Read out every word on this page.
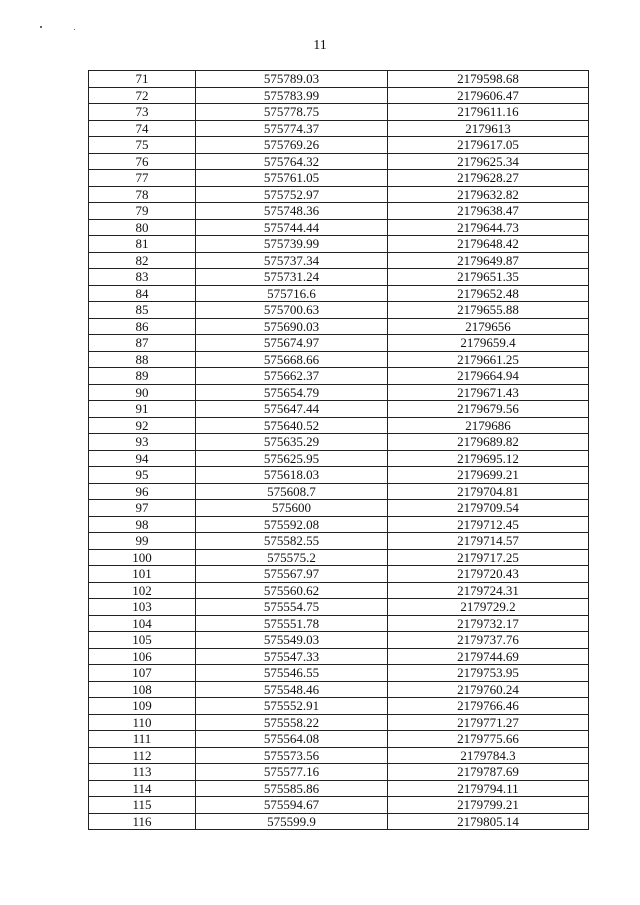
11
71	575789.03	2179598.68
72	575783.99	2179606.47
73	575778.75	2179611.16
74	575774.37	2179613
75	575769.26	2179617.05
76	575764.32	2179625.34
77	575761.05	2179628.27
78	575752.97	2179632.82
79	575748.36	2179638.47
80	575744.44	2179644.73
81	575739.99	2179648.42
82	575737.34	2179649.87
83	575731.24	2179651.35
84	575716.6	2179652.48
85	575700.63	2179655.88
86	575690.03	2179656
87	575674.97	2179659.4
88	575668.66	2179661.25
89	575662.37	2179664.94
90	575654.79	2179671.43
91	575647.44	2179679.56
92	575640.52	2179686
93	575635.29	2179689.82
94	575625.95	2179695.12
95	575618.03	2179699.21
96	575608.7	2179704.81
97	575600	2179709.54
98	575592.08	2179712.45
99	575582.55	2179714.57
100	575575.2	2179717.25
101	575567.97	2179720.43
102	575560.62	2179724.31
103	575554.75	2179729.2
104	575551.78	2179732.17
105	575549.03	2179737.76
106	575547.33	2179744.69
107	575546.55	2179753.95
108	575548.46	2179760.24
109	575552.91	2179766.46
110	575558.22	2179771.27
111	575564.08	2179775.66
112	575573.56	2179784.3
113	575577.16	2179787.69
114	575585.86	2179794.11
115	575594.67	2179799.21
116	575599.9	2179805.14
